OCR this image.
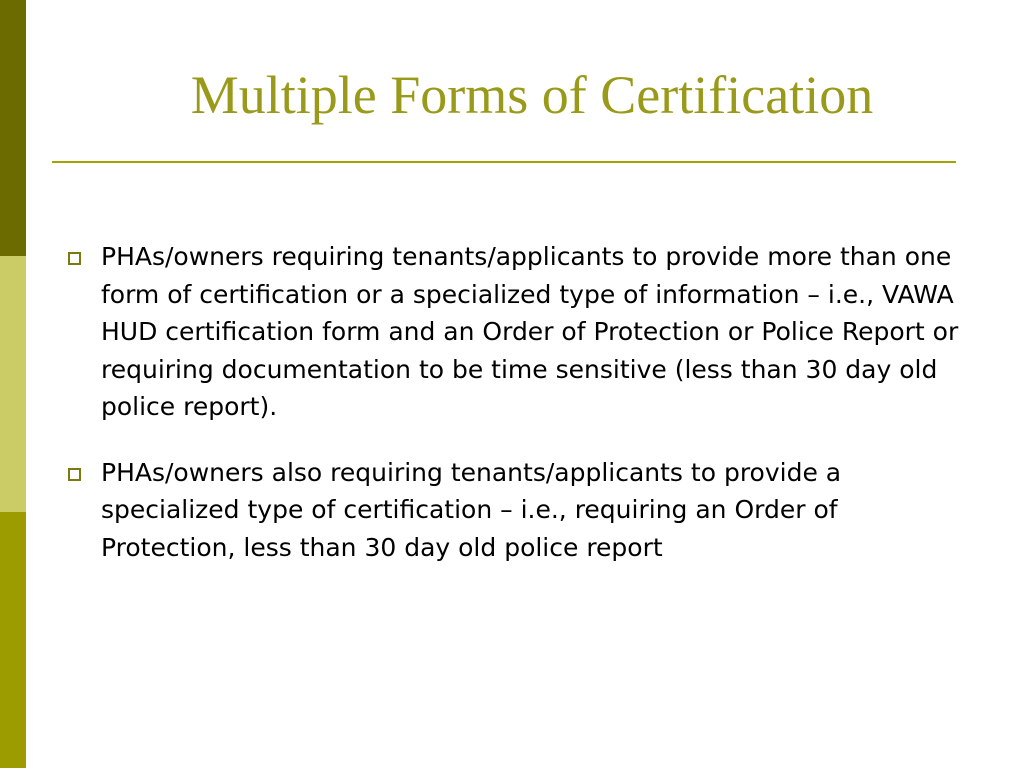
Multiple Forms of Certification
PHAs/owners requiring tenants/applicants to provide more than one form of certification or a specialized type of information – i.e., VAWA HUD certification form and an Order of Protection or Police Report or requiring documentation to be time sensitive (less than 30 day old police report).
PHAs/owners also requiring tenants/applicants to provide a specialized type of certification – i.e., requiring an Order of Protection, less than 30 day old police report
